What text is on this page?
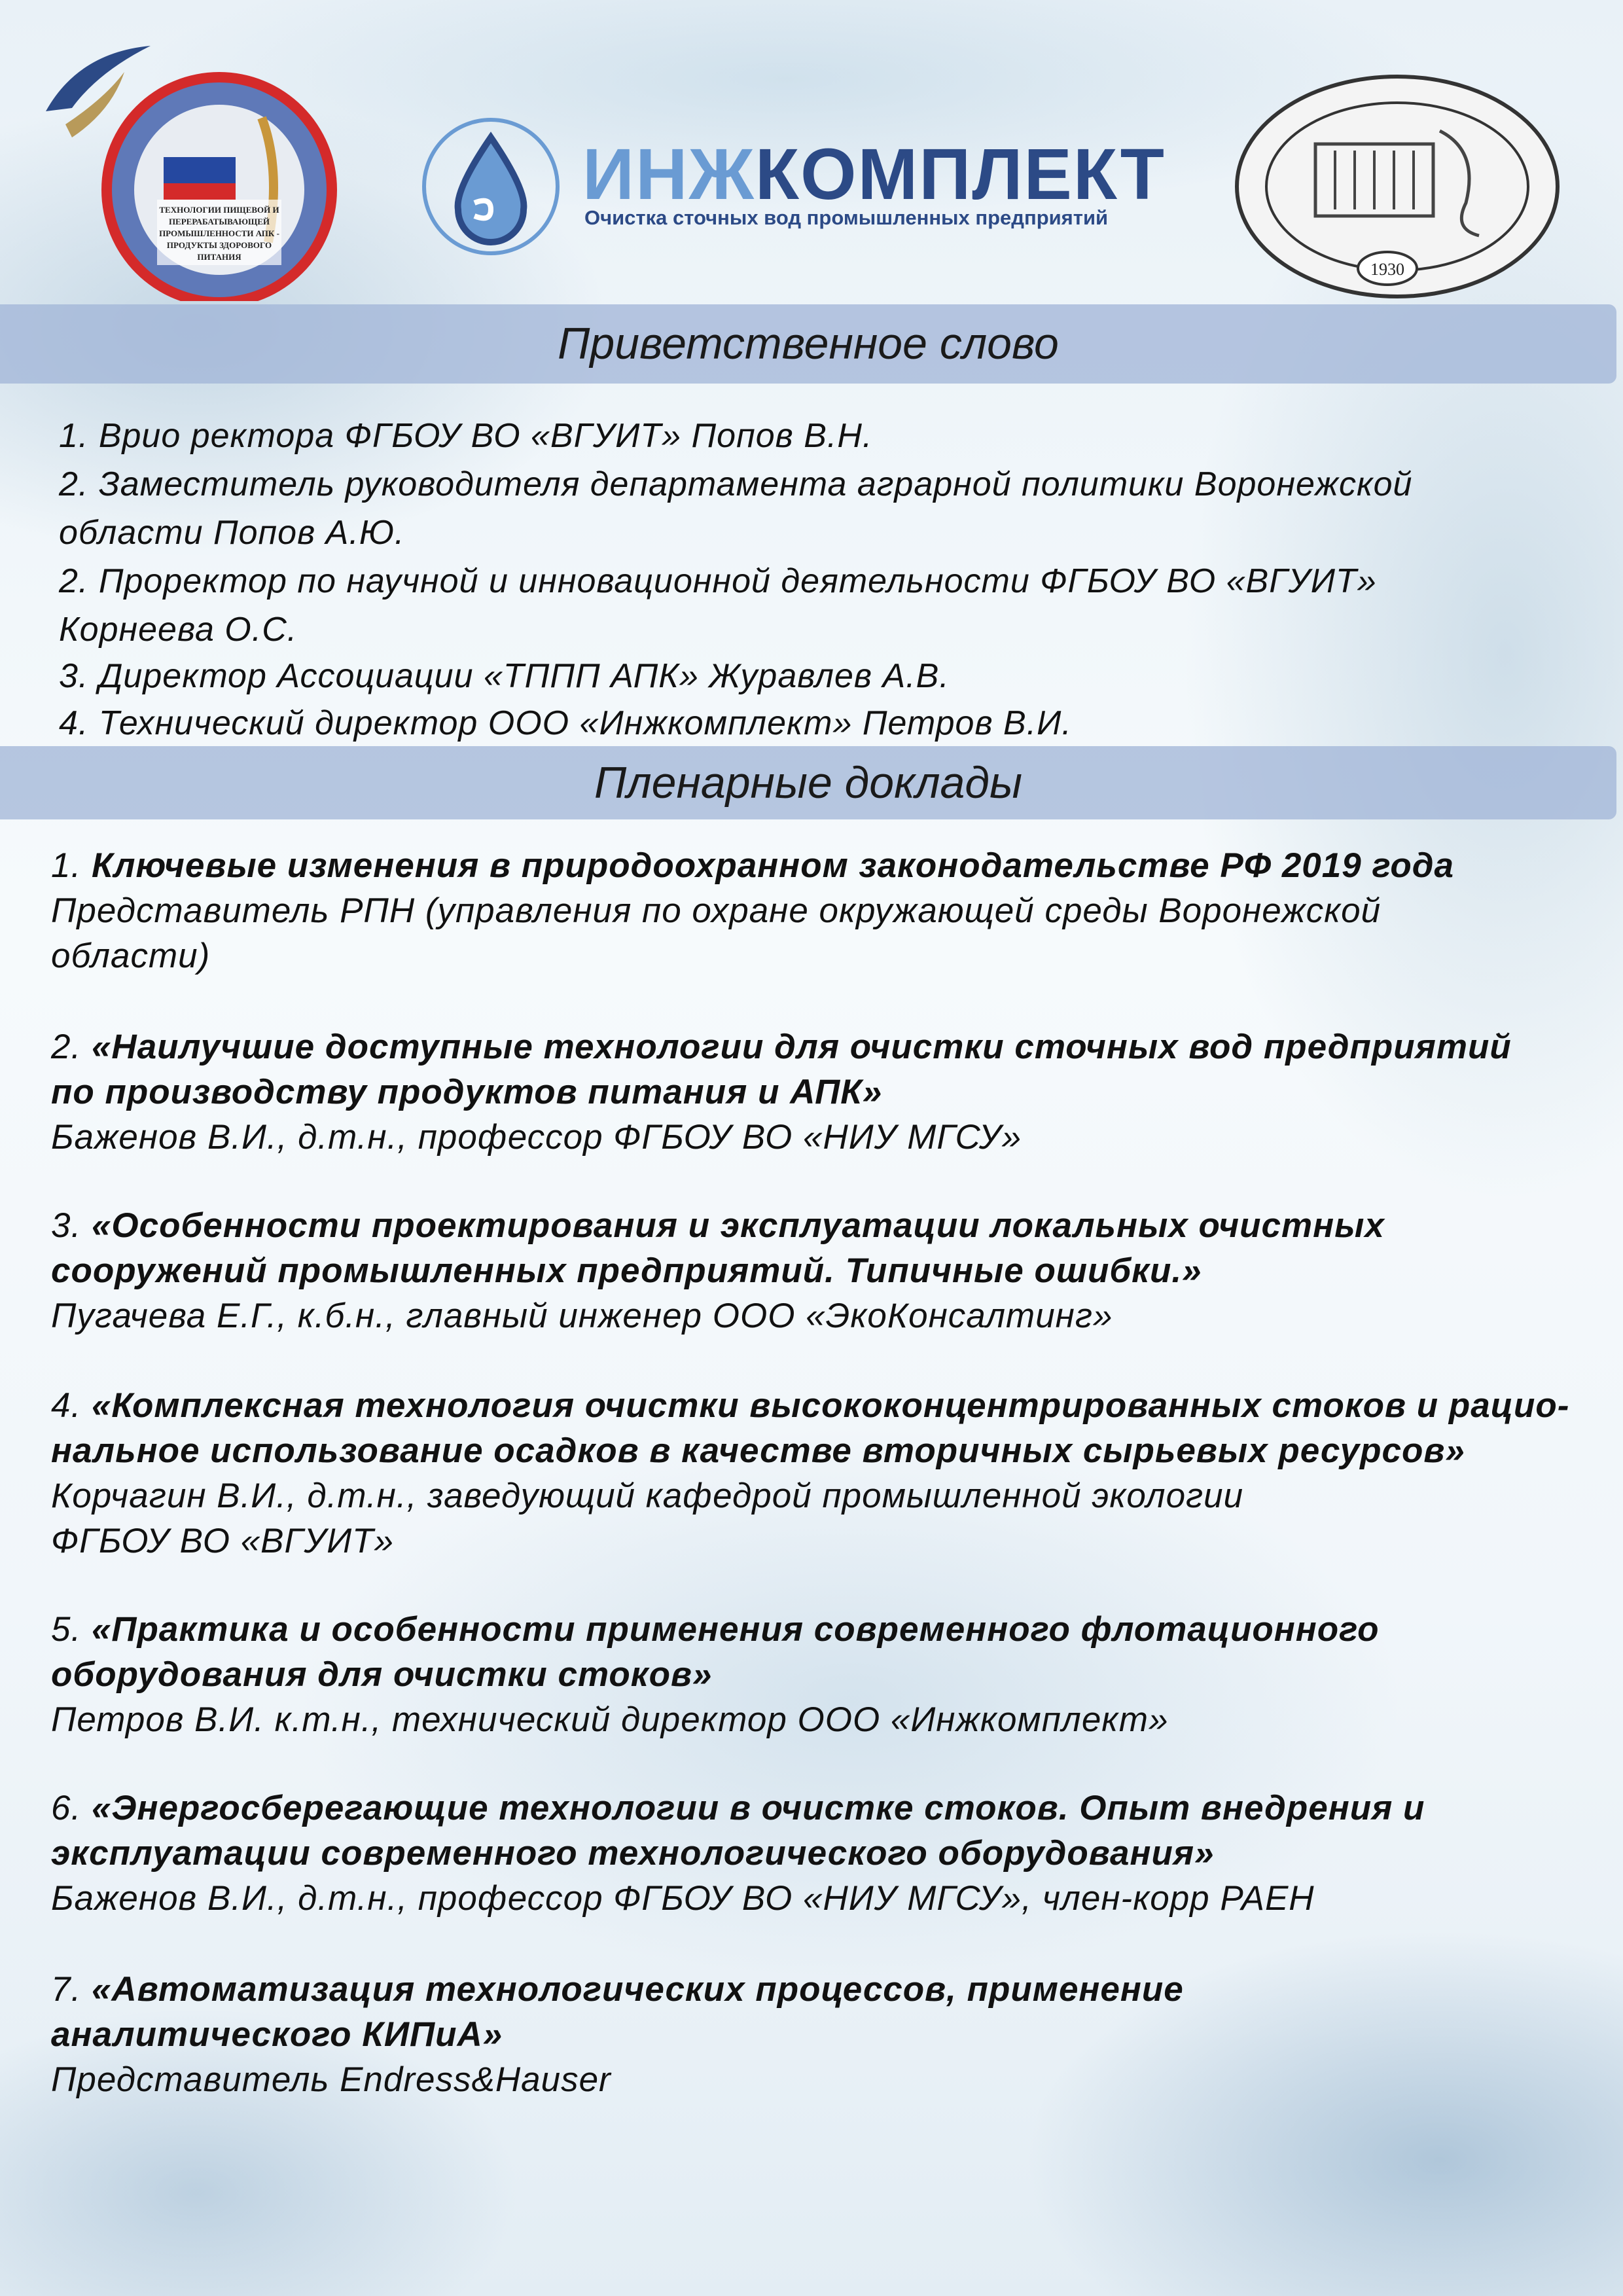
ТЕХНОЛОГИИ ПИЩЕВОЙ И
ПЕРЕРАБАТЫВАЮЩЕЙ
ПРОМЫШЛЕННОСТИ АПК -
ПРОДУКТЫ ЗДОРОВОГО
ПИТАНИЯ
ИНЖКОМПЛЕКТ
Очистка сточных вод промышленных предприятий
1930
Приветственное слово
1. Врио ректора ФГБОУ ВО «ВГУИТ» Попов В.Н.
2. Заместитель руководителя департамента аграрной политики Воронежской
области Попов А.Ю.
2. Проректор по научной и инновационной деятельности ФГБОУ ВО «ВГУИТ»
Корнеева О.С.
3. Директор Ассоциации «ТППП АПК» Журавлев А.В.
4. Технический директор ООО «Инжкомплект» Петров В.И.
Пленарные доклады
1. Ключевые изменения в природоохранном законодательстве РФ 2019 года
Представитель РПН (управления по охране окружающей среды Воронежской
области)
2. «Наилучшие доступные технологии для очистки сточных вод предприятий
по производству продуктов питания и АПК»
Баженов В.И., д.т.н., профессор ФГБОУ ВО «НИУ МГСУ»
3. «Особенности проектирования и эксплуатации локальных очистных
сооружений промышленных предприятий. Типичные ошибки.»
Пугачева Е.Г., к.б.н., главный инженер ООО «ЭкоКонсалтинг»
4. «Комплексная технология очистки высококонцентрированных стоков и рацио-
нальное использование осадков в качестве вторичных сырьевых ресурсов»
Корчагин В.И., д.т.н., заведующий кафедрой промышленной экологии
ФГБОУ ВО «ВГУИТ»
5. «Практика и особенности применения современного флотационного
оборудования для очистки стоков»
Петров В.И. к.т.н., технический директор ООО «Инжкомплект»
6. «Энергосберегающие технологии в очистке стоков. Опыт внедрения и
эксплуатации современного технологического оборудования»
Баженов В.И., д.т.н., профессор ФГБОУ ВО «НИУ МГСУ», член-корр РАЕН
7. «Автоматизация технологических процессов, применение
аналитического КИПиА»
Представитель Endress&Hauser
